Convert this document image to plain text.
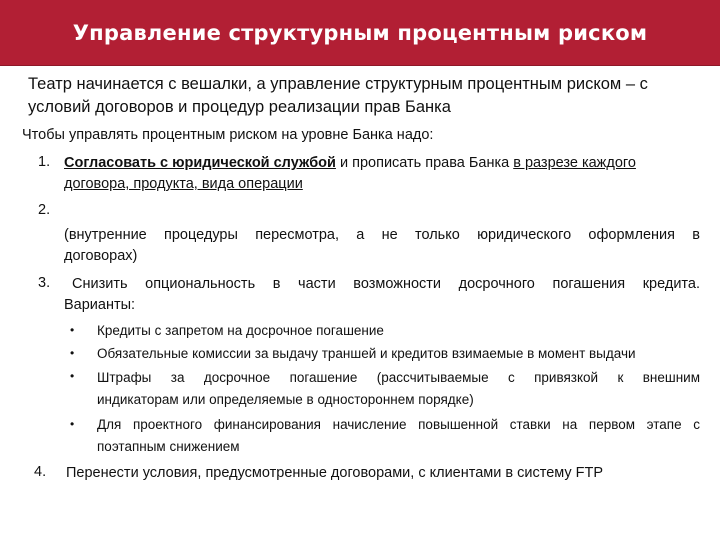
Управление структурным процентным риском
Театр начинается с вешалки, а управление структурным процентным риском – с
условий договоров и процедур реализации прав Банка
Чтобы управлять процентным риском на уровне Банка надо:
1. Согласовать с юридической службой и прописать права Банка в разрезе каждого
договора, продукта, вида операции
2.
(внутренние процедуры пересмотра, а не только юридического оформления в
договорах)
3. Снизить опциональность в части возможности досрочного погашения кредита.
Варианты:
• Кредиты с запретом на досрочное погашение
• Обязательные комиссии за выдачу траншей и кредитов взимаемые в момент выдачи
• Штрафы за досрочное погашение (рассчитываемые с привязкой к внешним
индикаторам или определяемые в одностороннем порядке)
• Для проектного финансирования начисление повышенной ставки на первом этапе с
поэтапным снижением
4. Перенести условия, предусмотренные договорами, с клиентами в систему FTP
